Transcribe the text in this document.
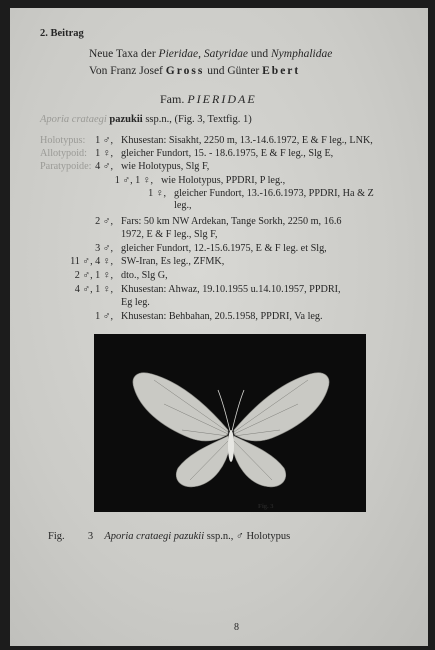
2. Beitrag
Neue Taxa der Pieridae, Satyridae und Nymphalidae
Von Franz Josef Gross und Günter Ebert
Fam. PIERIDAE
Aporia crataegi pazukii ssp.n., (Fig. 3, Textfig. 1)
Holotypus: 1 ♂, Khusestan: Sisakht, 2250 m, 13.-14.6.1972, E & F leg., LNK,
Allotypoid: 1 ♀, gleicher Fundort, 15. - 18.6.1975, E & F leg., Slg E,
Paratypoide: 4 ♂, wie Holotypus, Slg F,
1 ♂, 1 ♀, wie Holotypus, PPDRI, P leg.,
1 ♀, gleicher Fundort, 13.-16.6.1973, PPDRI, Ha & Z
leg.,
2 ♂, Fars: 50 km NW Ardekan, Tange Sorkh, 2250 m, 16.6
1972, E & F leg., Slg F,
3 ♂, gleicher Fundort, 12.-15.6.1975, E & F leg. et Slg,
11 ♂, 4 ♀, SW-Iran, Es leg., ZFMK,
2 ♂, 1 ♀, dto., Slg G,
4 ♂, 1 ♀, Khusestan: Ahwaz, 19.10.1955 u.14.10.1957, PPDRI,
Eg leg.
1 ♂, Khusestan: Behbahan, 20.5.1958, PPDRI, Va leg.
Fig. 3
Fig. 3 Aporia crataegi pazukii ssp.n., ♂ Holotypus
8
